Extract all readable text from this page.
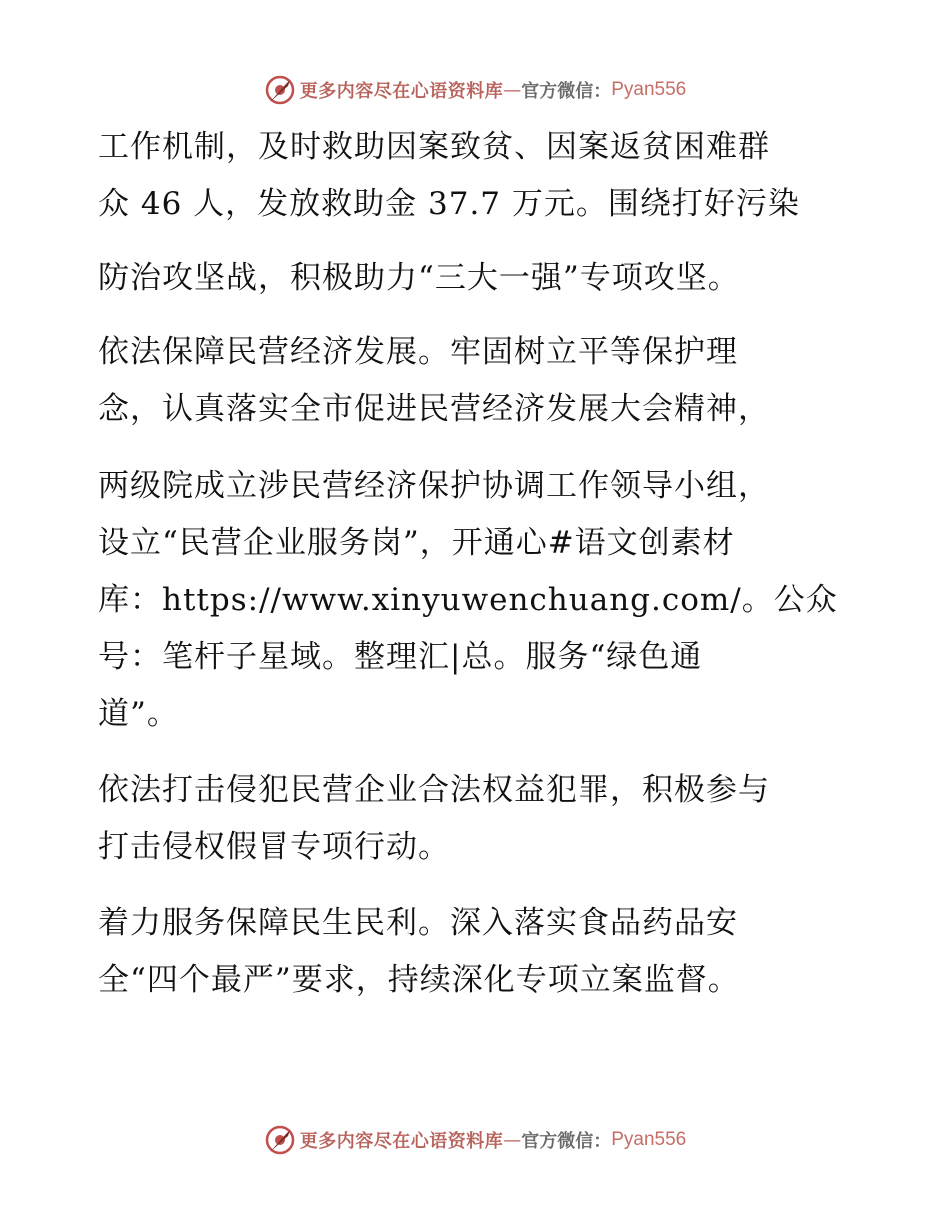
更多内容尽在心语资料库 — 官方微信： Pyan556
工作机制，及时救助因案致贫、因案返贫困难群
众 46 人，发放救助金 37.7 万元。围绕打好污染
防治攻坚战，积极助力“三大一强”专项攻坚。
依法保障民营经济发展。牢固树立平等保护理
念，认真落实全市促进民营经济发展大会精神，
两级院成立涉民营经济保护协调工作领导小组，
设立“民营企业服务岗”，开通心#语文创素材
库：https://www.xinyuwenchuang.com/。公众
号：笔杆子星域。整理汇|总。服务“绿色通
道”。
依法打击侵犯民营企业合法权益犯罪，积极参与
打击侵权假冒专项行动。
着力服务保障民生民利。深入落实食品药品安
全“四个最严”要求，持续深化专项立案监督。
更多内容尽在心语资料库 — 官方微信： Pyan556
